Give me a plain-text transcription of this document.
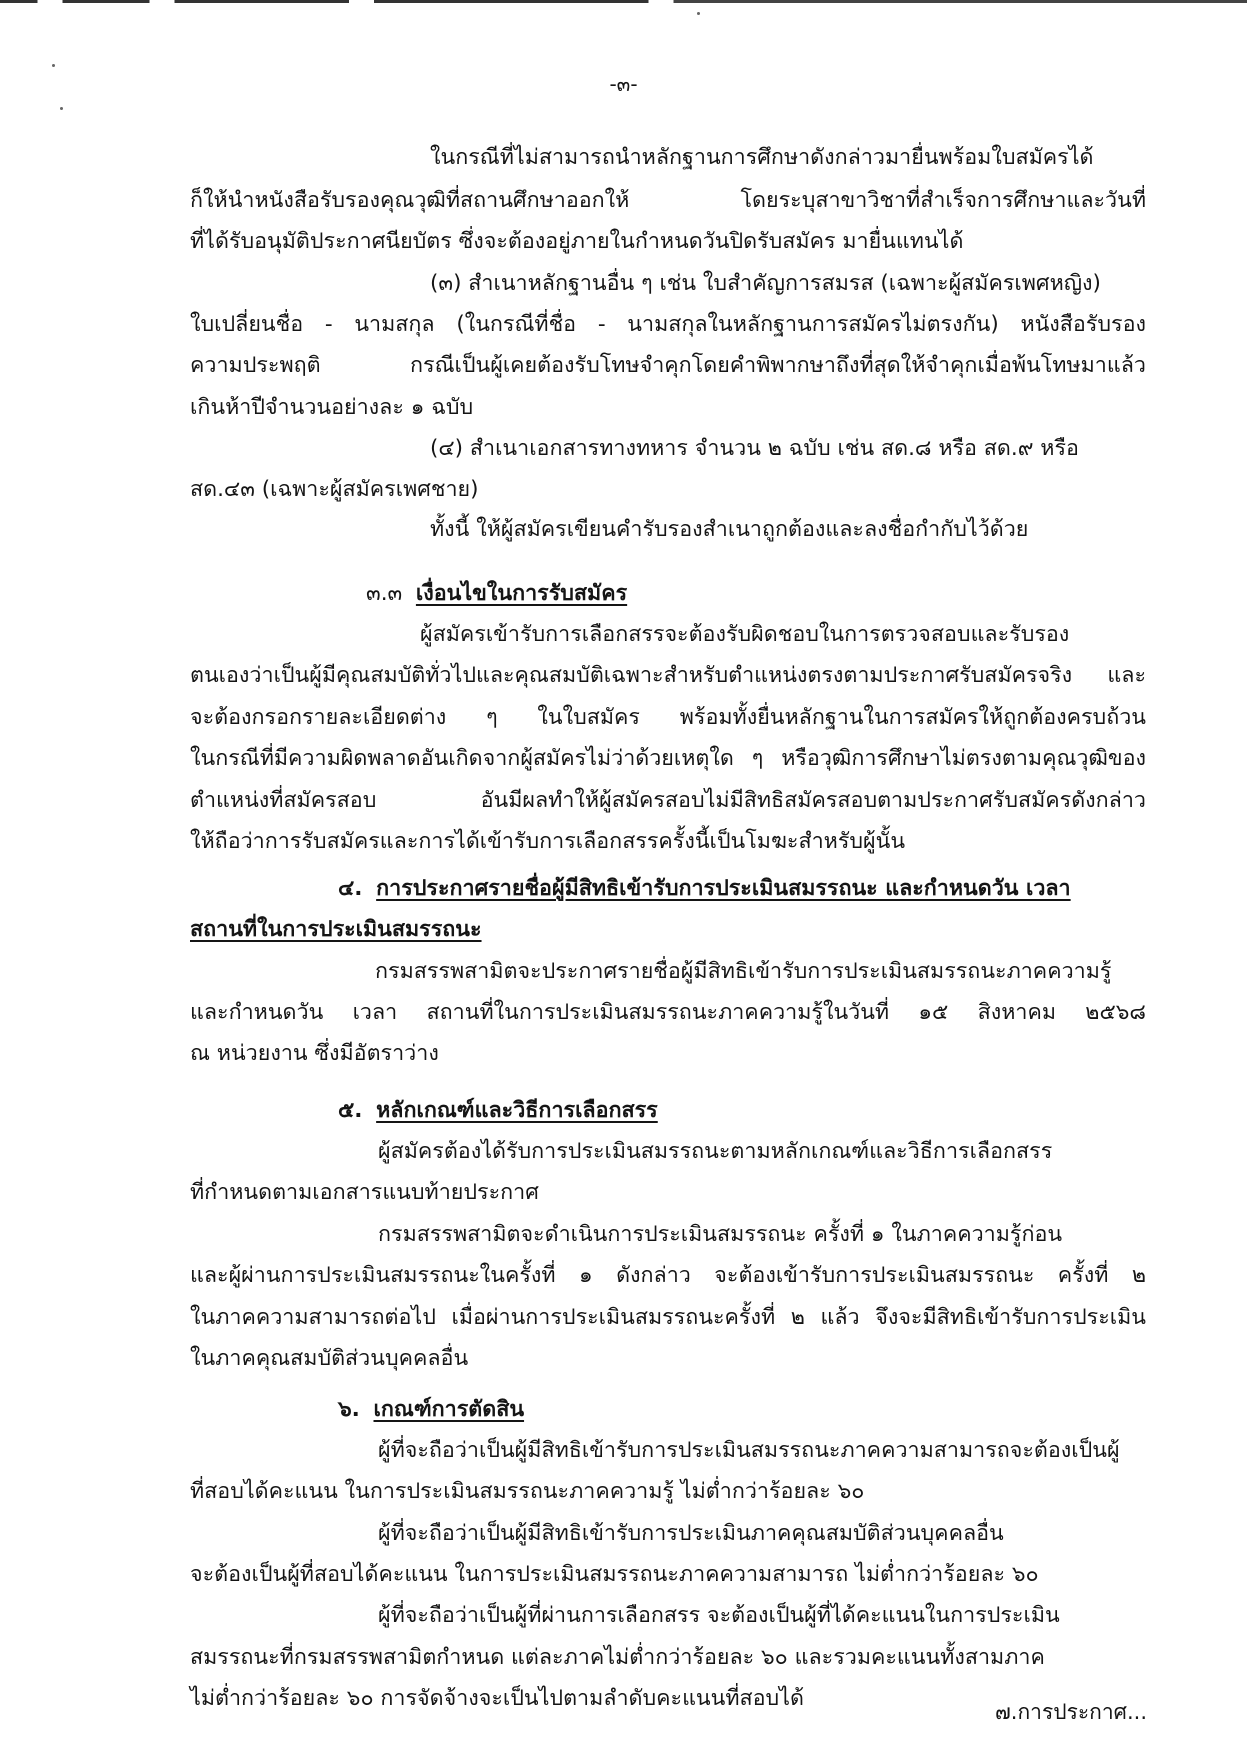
-๓-
ในกรณีที่ไม่สามารถนำหลักฐานการศึกษาดังกล่าวมายื่นพร้อมใบสมัครได้
ก็ให้นำหนังสือรับรองคุณวุฒิที่สถานศึกษาออกให้ โดยระบุสาขาวิชาที่สำเร็จการศึกษาและวันที่
ที่ได้รับอนุมัติประกาศนียบัตร ซึ่งจะต้องอยู่ภายในกำหนดวันปิดรับสมัคร มายื่นแทนได้
(๓) สำเนาหลักฐานอื่น ๆ เช่น ใบสำคัญการสมรส (เฉพาะผู้สมัครเพศหญิง)
ใบเปลี่ยนชื่อ - นามสกุล (ในกรณีที่ชื่อ - นามสกุลในหลักฐานการสมัครไม่ตรงกัน) หนังสือรับรอง
ความประพฤติ กรณีเป็นผู้เคยต้องรับโทษจำคุกโดยคำพิพากษาถึงที่สุดให้จำคุกเมื่อพ้นโทษมาแล้ว
เกินห้าปีจำนวนอย่างละ ๑ ฉบับ
(๔) สำเนาเอกสารทางทหาร จำนวน ๒ ฉบับ เช่น สด.๘ หรือ สด.๙ หรือ
สด.๔๓ (เฉพาะผู้สมัครเพศชาย)
ทั้งนี้ ให้ผู้สมัครเขียนคำรับรองสำเนาถูกต้องและลงชื่อกำกับไว้ด้วย
๓.๓ เงื่อนไขในการรับสมัคร
ผู้สมัครเข้ารับการเลือกสรรจะต้องรับผิดชอบในการตรวจสอบและรับรอง
ตนเองว่าเป็นผู้มีคุณสมบัติทั่วไปและคุณสมบัติเฉพาะสำหรับตำแหน่งตรงตามประกาศรับสมัครจริง และ
จะต้องกรอกรายละเอียดต่าง ๆ ในใบสมัคร พร้อมทั้งยื่นหลักฐานในการสมัครให้ถูกต้องครบถ้วน
ในกรณีที่มีความผิดพลาดอันเกิดจากผู้สมัครไม่ว่าด้วยเหตุใด ๆ หรือวุฒิการศึกษาไม่ตรงตามคุณวุฒิของ
ตำแหน่งที่สมัครสอบ อันมีผลทำให้ผู้สมัครสอบไม่มีสิทธิสมัครสอบตามประกาศรับสมัครดังกล่าว
ให้ถือว่าการรับสมัครและการได้เข้ารับการเลือกสรรครั้งนี้เป็นโมฆะสำหรับผู้นั้น
๔. การประกาศรายชื่อผู้มีสิทธิเข้ารับการประเมินสมรรถนะ และกำหนดวัน เวลา
สถานที่ในการประเมินสมรรถนะ
กรมสรรพสามิตจะประกาศรายชื่อผู้มีสิทธิเข้ารับการประเมินสมรรถนะภาคความรู้
และกำหนดวัน เวลา สถานที่ในการประเมินสมรรถนะภาคความรู้ในวันที่ ๑๕ สิงหาคม ๒๕๖๘
ณ หน่วยงาน ซึ่งมีอัตราว่าง
๕. หลักเกณฑ์และวิธีการเลือกสรร
ผู้สมัครต้องได้รับการประเมินสมรรถนะตามหลักเกณฑ์และวิธีการเลือกสรร
ที่กำหนดตามเอกสารแนบท้ายประกาศ
กรมสรรพสามิตจะดำเนินการประเมินสมรรถนะ ครั้งที่ ๑ ในภาคความรู้ก่อน
และผู้ผ่านการประเมินสมรรถนะในครั้งที่ ๑ ดังกล่าว จะต้องเข้ารับการประเมินสมรรถนะ ครั้งที่ ๒
ในภาคความสามารถต่อไป เมื่อผ่านการประเมินสมรรถนะครั้งที่ ๒ แล้ว จึงจะมีสิทธิเข้ารับการประเมิน
ในภาคคุณสมบัติส่วนบุคคลอื่น
๖. เกณฑ์การตัดสิน
ผู้ที่จะถือว่าเป็นผู้มีสิทธิเข้ารับการประเมินสมรรถนะภาคความสามารถจะต้องเป็นผู้
ที่สอบได้คะแนน ในการประเมินสมรรถนะภาคความรู้ ไม่ต่ำกว่าร้อยละ ๖๐
ผู้ที่จะถือว่าเป็นผู้มีสิทธิเข้ารับการประเมินภาคคุณสมบัติส่วนบุคคลอื่น
จะต้องเป็นผู้ที่สอบได้คะแนน ในการประเมินสมรรถนะภาคความสามารถ ไม่ต่ำกว่าร้อยละ ๖๐
ผู้ที่จะถือว่าเป็นผู้ที่ผ่านการเลือกสรร จะต้องเป็นผู้ที่ได้คะแนนในการประเมิน
สมรรถนะที่กรมสรรพสามิตกำหนด แต่ละภาคไม่ต่ำกว่าร้อยละ ๖๐ และรวมคะแนนทั้งสามภาค
ไม่ต่ำกว่าร้อยละ ๖๐ การจัดจ้างจะเป็นไปตามลำดับคะแนนที่สอบได้
๗.การประกาศ...
